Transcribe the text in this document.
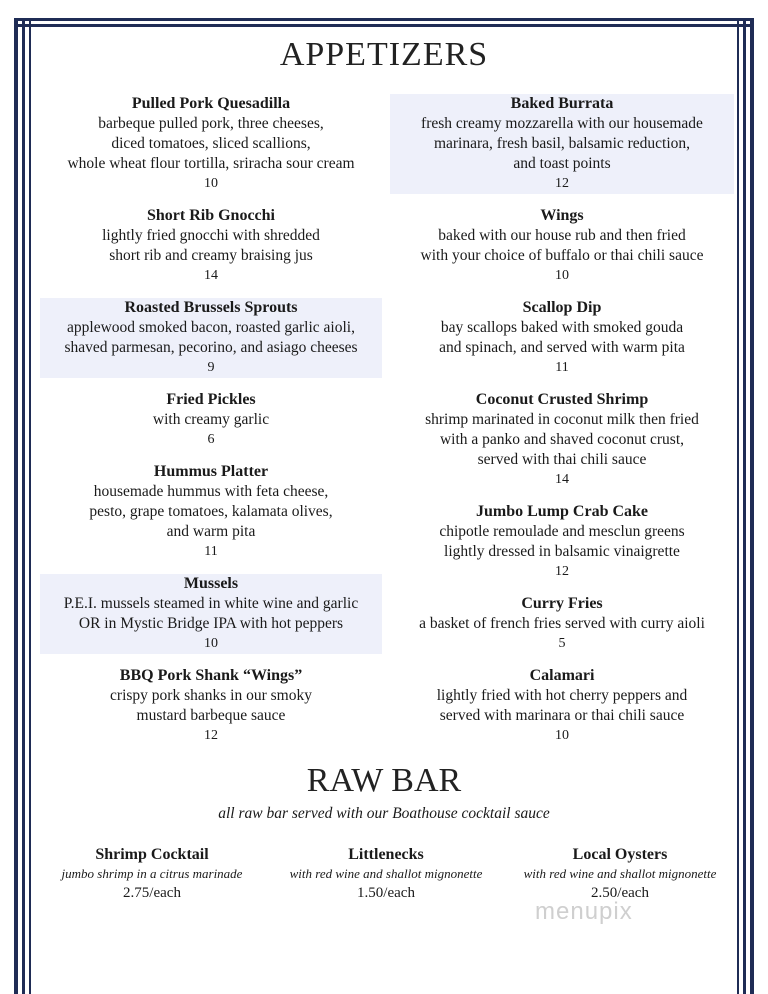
APPETIZERS
Pulled Pork Quesadilla
barbeque pulled pork, three cheeses,
diced tomatoes, sliced scallions,
whole wheat flour tortilla, sriracha sour cream
10
Short Rib Gnocchi
lightly fried gnocchi with shredded
short rib and creamy braising jus
14
Roasted Brussels Sprouts
applewood smoked bacon, roasted garlic aioli,
shaved parmesan, pecorino, and asiago cheeses
9
Fried Pickles
with creamy garlic
6
Hummus Platter
housemade hummus with feta cheese,
pesto, grape tomatoes, kalamata olives,
and warm pita
11
Mussels
P.E.I. mussels steamed in white wine and garlic
OR in Mystic Bridge IPA with hot peppers
10
BBQ Pork Shank “Wings”
crispy pork shanks in our smoky
mustard barbeque sauce
12
Baked Burrata
fresh creamy mozzarella with our housemade
marinara, fresh basil, balsamic reduction,
and toast points
12
Wings
baked with our house rub and then fried
with your choice of buffalo or thai chili sauce
10
Scallop Dip
bay scallops baked with smoked gouda
and spinach, and served with warm pita
11
Coconut Crusted Shrimp
shrimp marinated in coconut milk then fried
with a panko and shaved coconut crust,
served with thai chili sauce
14
Jumbo Lump Crab Cake
chipotle remoulade and mesclun greens
lightly dressed in balsamic vinaigrette
12
Curry Fries
a basket of french fries served with curry aioli
5
Calamari
lightly fried with hot cherry peppers and
served with marinara or thai chili sauce
10
RAW BAR
all raw bar served with our Boathouse cocktail sauce
Shrimp Cocktail
jumbo shrimp in a citrus marinade
2.75/each
Littlenecks
with red wine and shallot mignonette
1.50/each
Local Oysters
with red wine and shallot mignonette
2.50/each
menupix
